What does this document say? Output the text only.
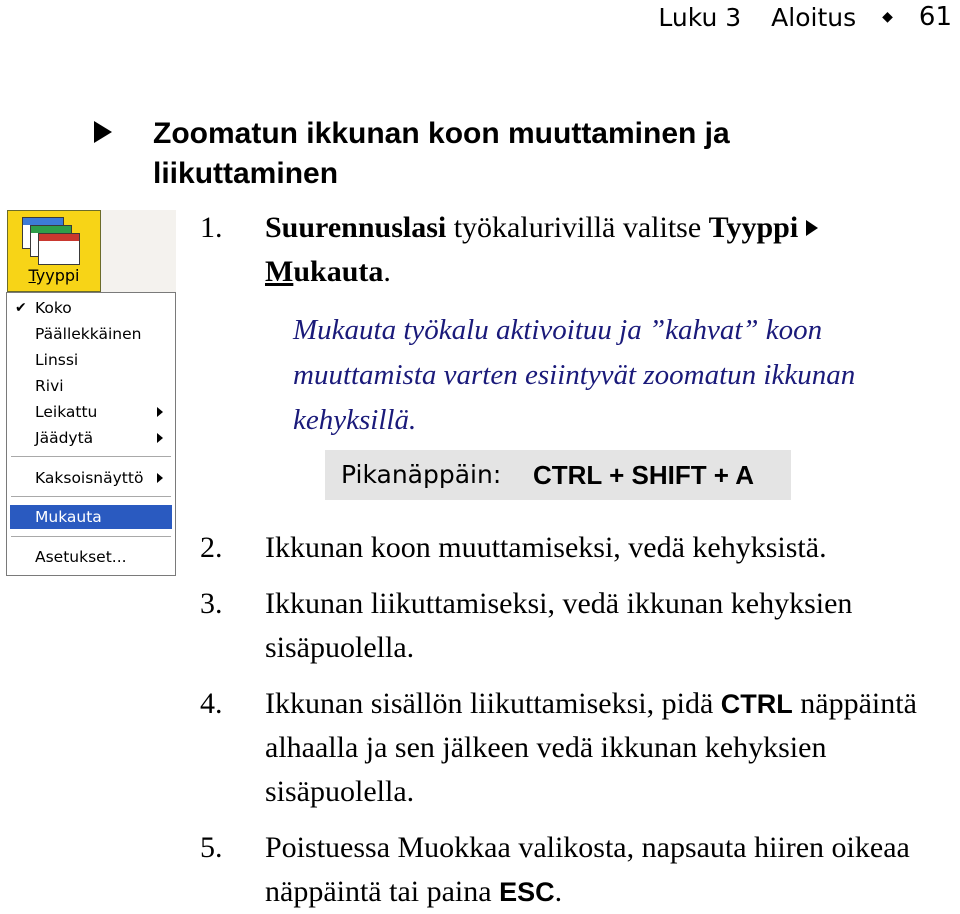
Luku 3 Aloitus ◆ 61
Zoomatun ikkunan koon muuttaminen ja liikuttaminen
Tyyppi
✔ Koko
Päällekkäinen
Linssi
Rivi
Leikattu
Jäädytä
Kaksoisnäyttö
Mukauta
Asetukset...
1. Suurennuslasi työkalurivillä valitse Tyyppi
Mukauta.
Mukauta työkalu aktivoituu ja ”kahvat” koon muuttamista varten esiintyvät zoomatun ikkunan kehyksillä.
Pikanäppäin: CTRL + SHIFT + A
2. Ikkunan koon muuttamiseksi, vedä kehyksistä.
3. Ikkunan liikuttamiseksi, vedä ikkunan kehyksien sisäpuolella.
4. Ikkunan sisällön liikuttamiseksi, pidä CTRL näppäintä alhaalla ja sen jälkeen vedä ikkunan kehyksien sisäpuolella.
5. Poistuessa Muokkaa valikosta, napsauta hiiren oikeaa näppäintä tai paina ESC.
